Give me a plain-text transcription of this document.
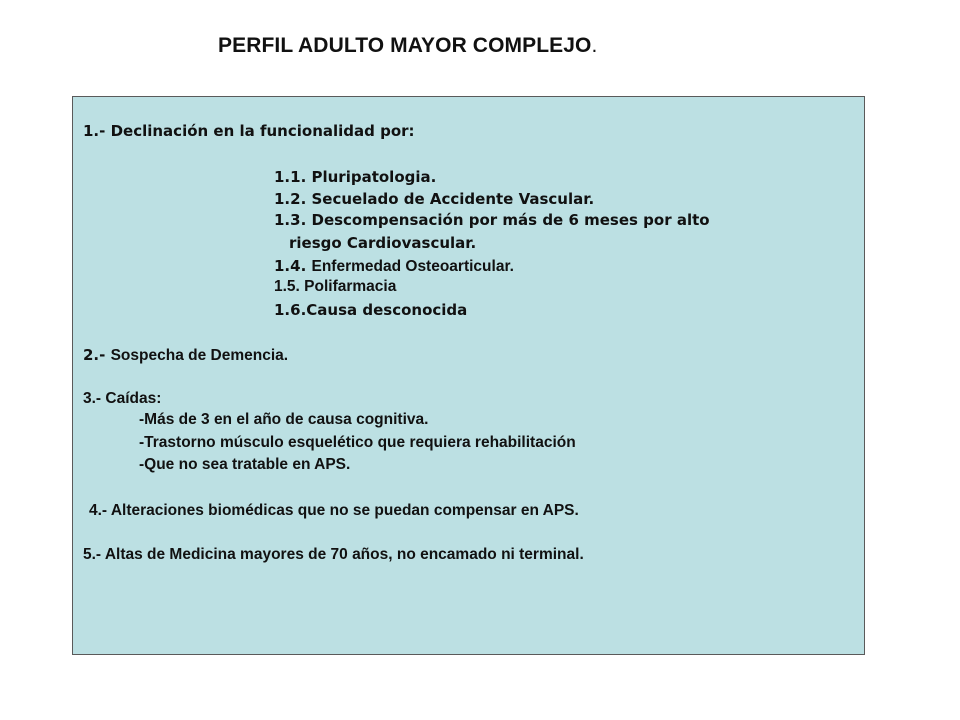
PERFIL ADULTO MAYOR COMPLEJO.
1.- Declinación en la funcionalidad por:
1.1. Pluripatologia.
1.2. Secuelado de Accidente Vascular.
1.3. Descompensación por más de 6 meses por alto
riesgo Cardiovascular.
1.4. Enfermedad Osteoarticular.
1.5. Polifarmacia
1.6.Causa desconocida
2.- Sospecha de Demencia.
3.- Caídas:
-Más de 3 en el año de causa cognitiva.
-Trastorno músculo esquelético que requiera rehabilitación
-Que no sea tratable en APS.
4.- Alteraciones biomédicas que no se puedan compensar en APS.
5.- Altas de Medicina mayores de 70 años, no encamado ni terminal.
